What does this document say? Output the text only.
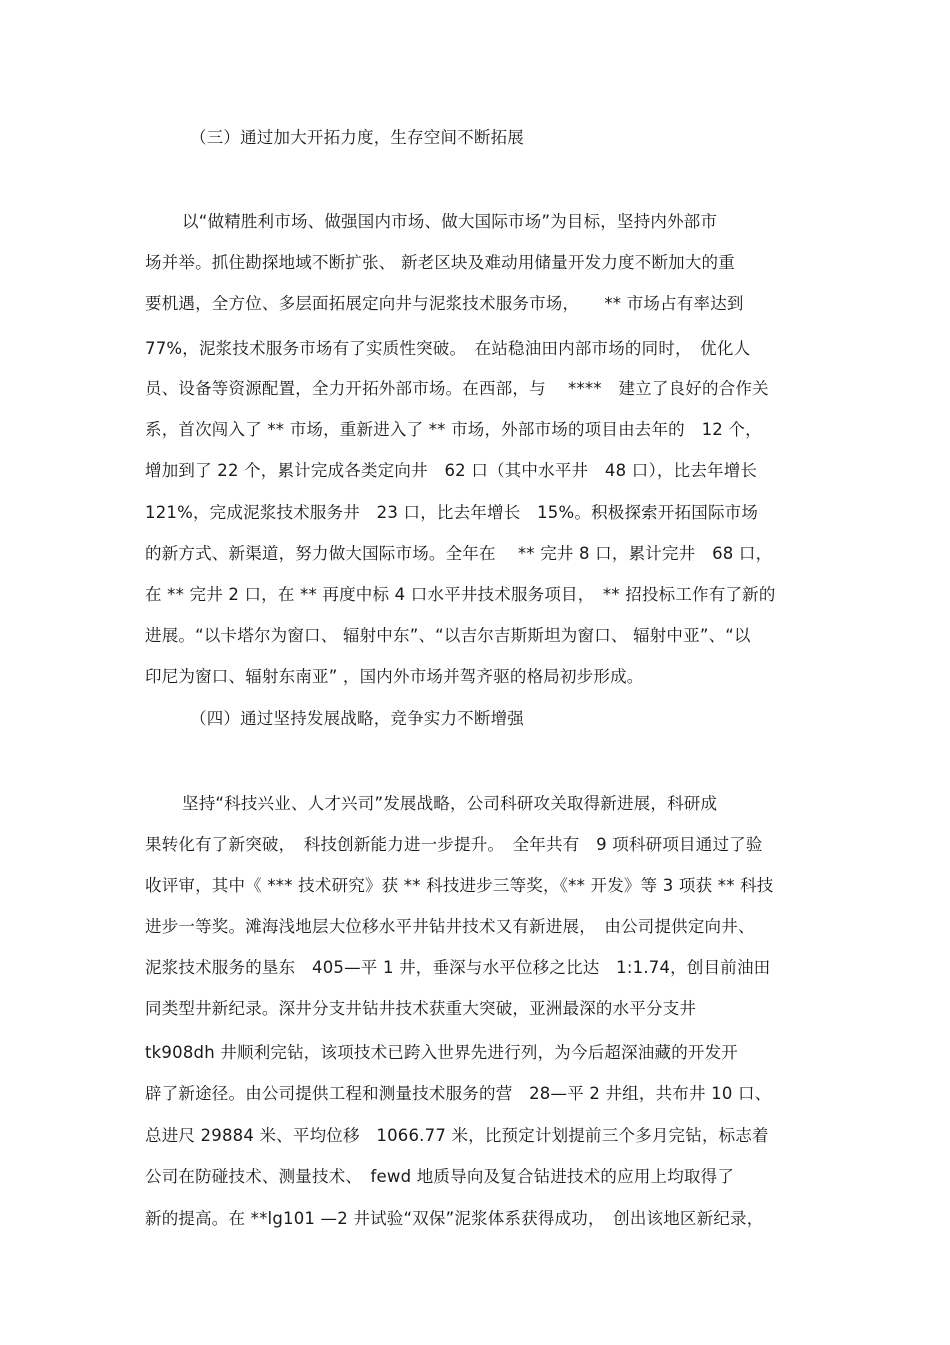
（三）通过加大开拓力度，生存空间不断拓展
以“做精胜利市场、做强国内市场、做大国际市场”为目标，坚持内外部市
场并举。抓住勘探地域不断扩张、 新老区块及难动用储量开发力度不断加大的重
要机遇，全方位、多层面拓展定向井与泥浆技术服务市场，　　** 市场占有率达到
77%，泥浆技术服务市场有了实质性突破。　在站稳油田内部市场的同时，　优化人
员、设备等资源配置，全力开拓外部市场。在西部，与　 ****　建立了良好的合作关
系，首次闯入了 ** 市场，重新进入了 ** 市场，外部市场的项目由去年的　12 个，
增加到了 22 个，累计完成各类定向井　62 口（其中水平井　48 口），比去年增长
121%，完成泥浆技术服务井　23 口，比去年增长　15%。积极探索开拓国际市场
的新方式、新渠道，努力做大国际市场。全年在　 ** 完井 8 口，累计完井　68 口，
在 ** 完井 2 口，在 ** 再度中标 4 口水平井技术服务项目，　** 招投标工作有了新的
进展。“以卡塔尔为窗口、 辐射中东”、“以吉尔吉斯斯坦为窗口、 辐射中亚”、“以
印尼为窗口、辐射东南亚” ，国内外市场并驾齐驱的格局初步形成。
（四）通过坚持发展战略，竞争实力不断增强
坚持“科技兴业、人才兴司”发展战略，公司科研攻关取得新进展，科研成
果转化有了新突破，　科技创新能力进一步提升。　全年共有　9 项科研项目通过了验
收评审，其中《 *** 技术研究》获 ** 科技进步三等奖，《** 开发》等 3 项获 ** 科技
进步一等奖。滩海浅地层大位移水平井钻井技术又有新进展，　由公司提供定向井、
泥浆技术服务的垦东　405—平 1 井，垂深与水平位移之比达　1:1.74，创目前油田
同类型井新纪录。深井分支井钻井技术获重大突破，亚洲最深的水平分支井
tk908dh 井顺利完钻，该项技术已跨入世界先进行列，为今后超深油藏的开发开
辟了新途径。由公司提供工程和测量技术服务的营　28—平 2 井组，共布井 10 口、
总进尺 29884 米、平均位移　1066.77 米，比预定计划提前三个多月完钻，标志着
公司在防碰技术、测量技术、　fewd 地质导向及复合钻进技术的应用上均取得了
新的提高。在 **lg101 —2 井试验“双保”泥浆体系获得成功，　创出该地区新纪录，
